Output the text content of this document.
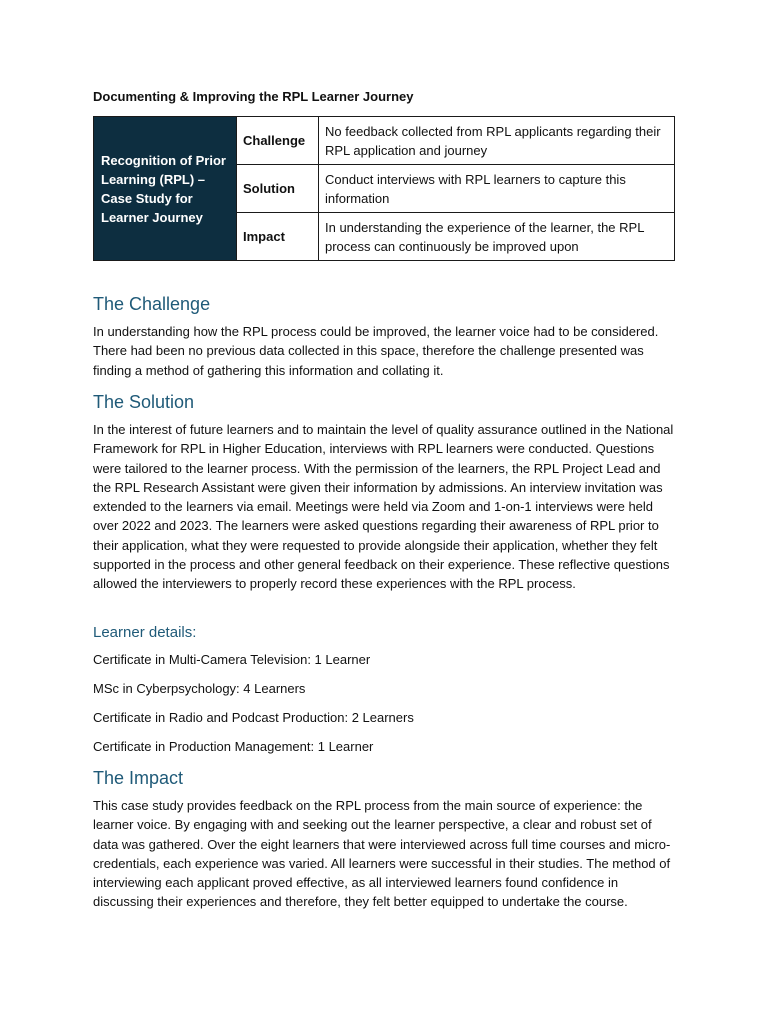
Documenting & Improving the RPL Learner Journey
Recognition of Prior Learning (RPL) – Case Study for Learner Journey	Challenge	No feedback collected from RPL applicants regarding their RPL application and journey
	Solution	Conduct interviews with RPL learners to capture this information
	Impact	In understanding the experience of the learner, the RPL process can continuously be improved upon
The Challenge

In understanding how the RPL process could be improved, the learner voice had to be considered. There had been no previous data collected in this space, therefore the challenge presented was finding a method of gathering this information and collating it.

The Solution

In the interest of future learners and to maintain the level of quality assurance outlined in the National Framework for RPL in Higher Education, interviews with RPL learners were conducted. Questions were tailored to the learner process. With the permission of the learners, the RPL Project Lead and the RPL Research Assistant were given their information by admissions. An interview invitation was extended to the learners via email. Meetings were held via Zoom and 1-on-1 interviews were held over 2022 and 2023. The learners were asked questions regarding their awareness of RPL prior to their application, what they were requested to provide alongside their application, whether they felt supported in the process and other general feedback on their experience. These reflective questions allowed the interviewers to properly record these experiences with the RPL process.

Learner details:

Certificate in Multi-Camera Television: 1 Learner

MSc in Cyberpsychology: 4 Learners

Certificate in Radio and Podcast Production: 2 Learners

Certificate in Production Management: 1 Learner

The Impact

This case study provides feedback on the RPL process from the main source of experience: the learner voice. By engaging with and seeking out the learner perspective, a clear and robust set of data was gathered. Over the eight learners that were interviewed across full time courses and micro-credentials, each experience was varied. All learners were successful in their studies. The method of interviewing each applicant proved effective, as all interviewed learners found confidence in discussing their experiences and therefore, they felt better equipped to undertake the course.
